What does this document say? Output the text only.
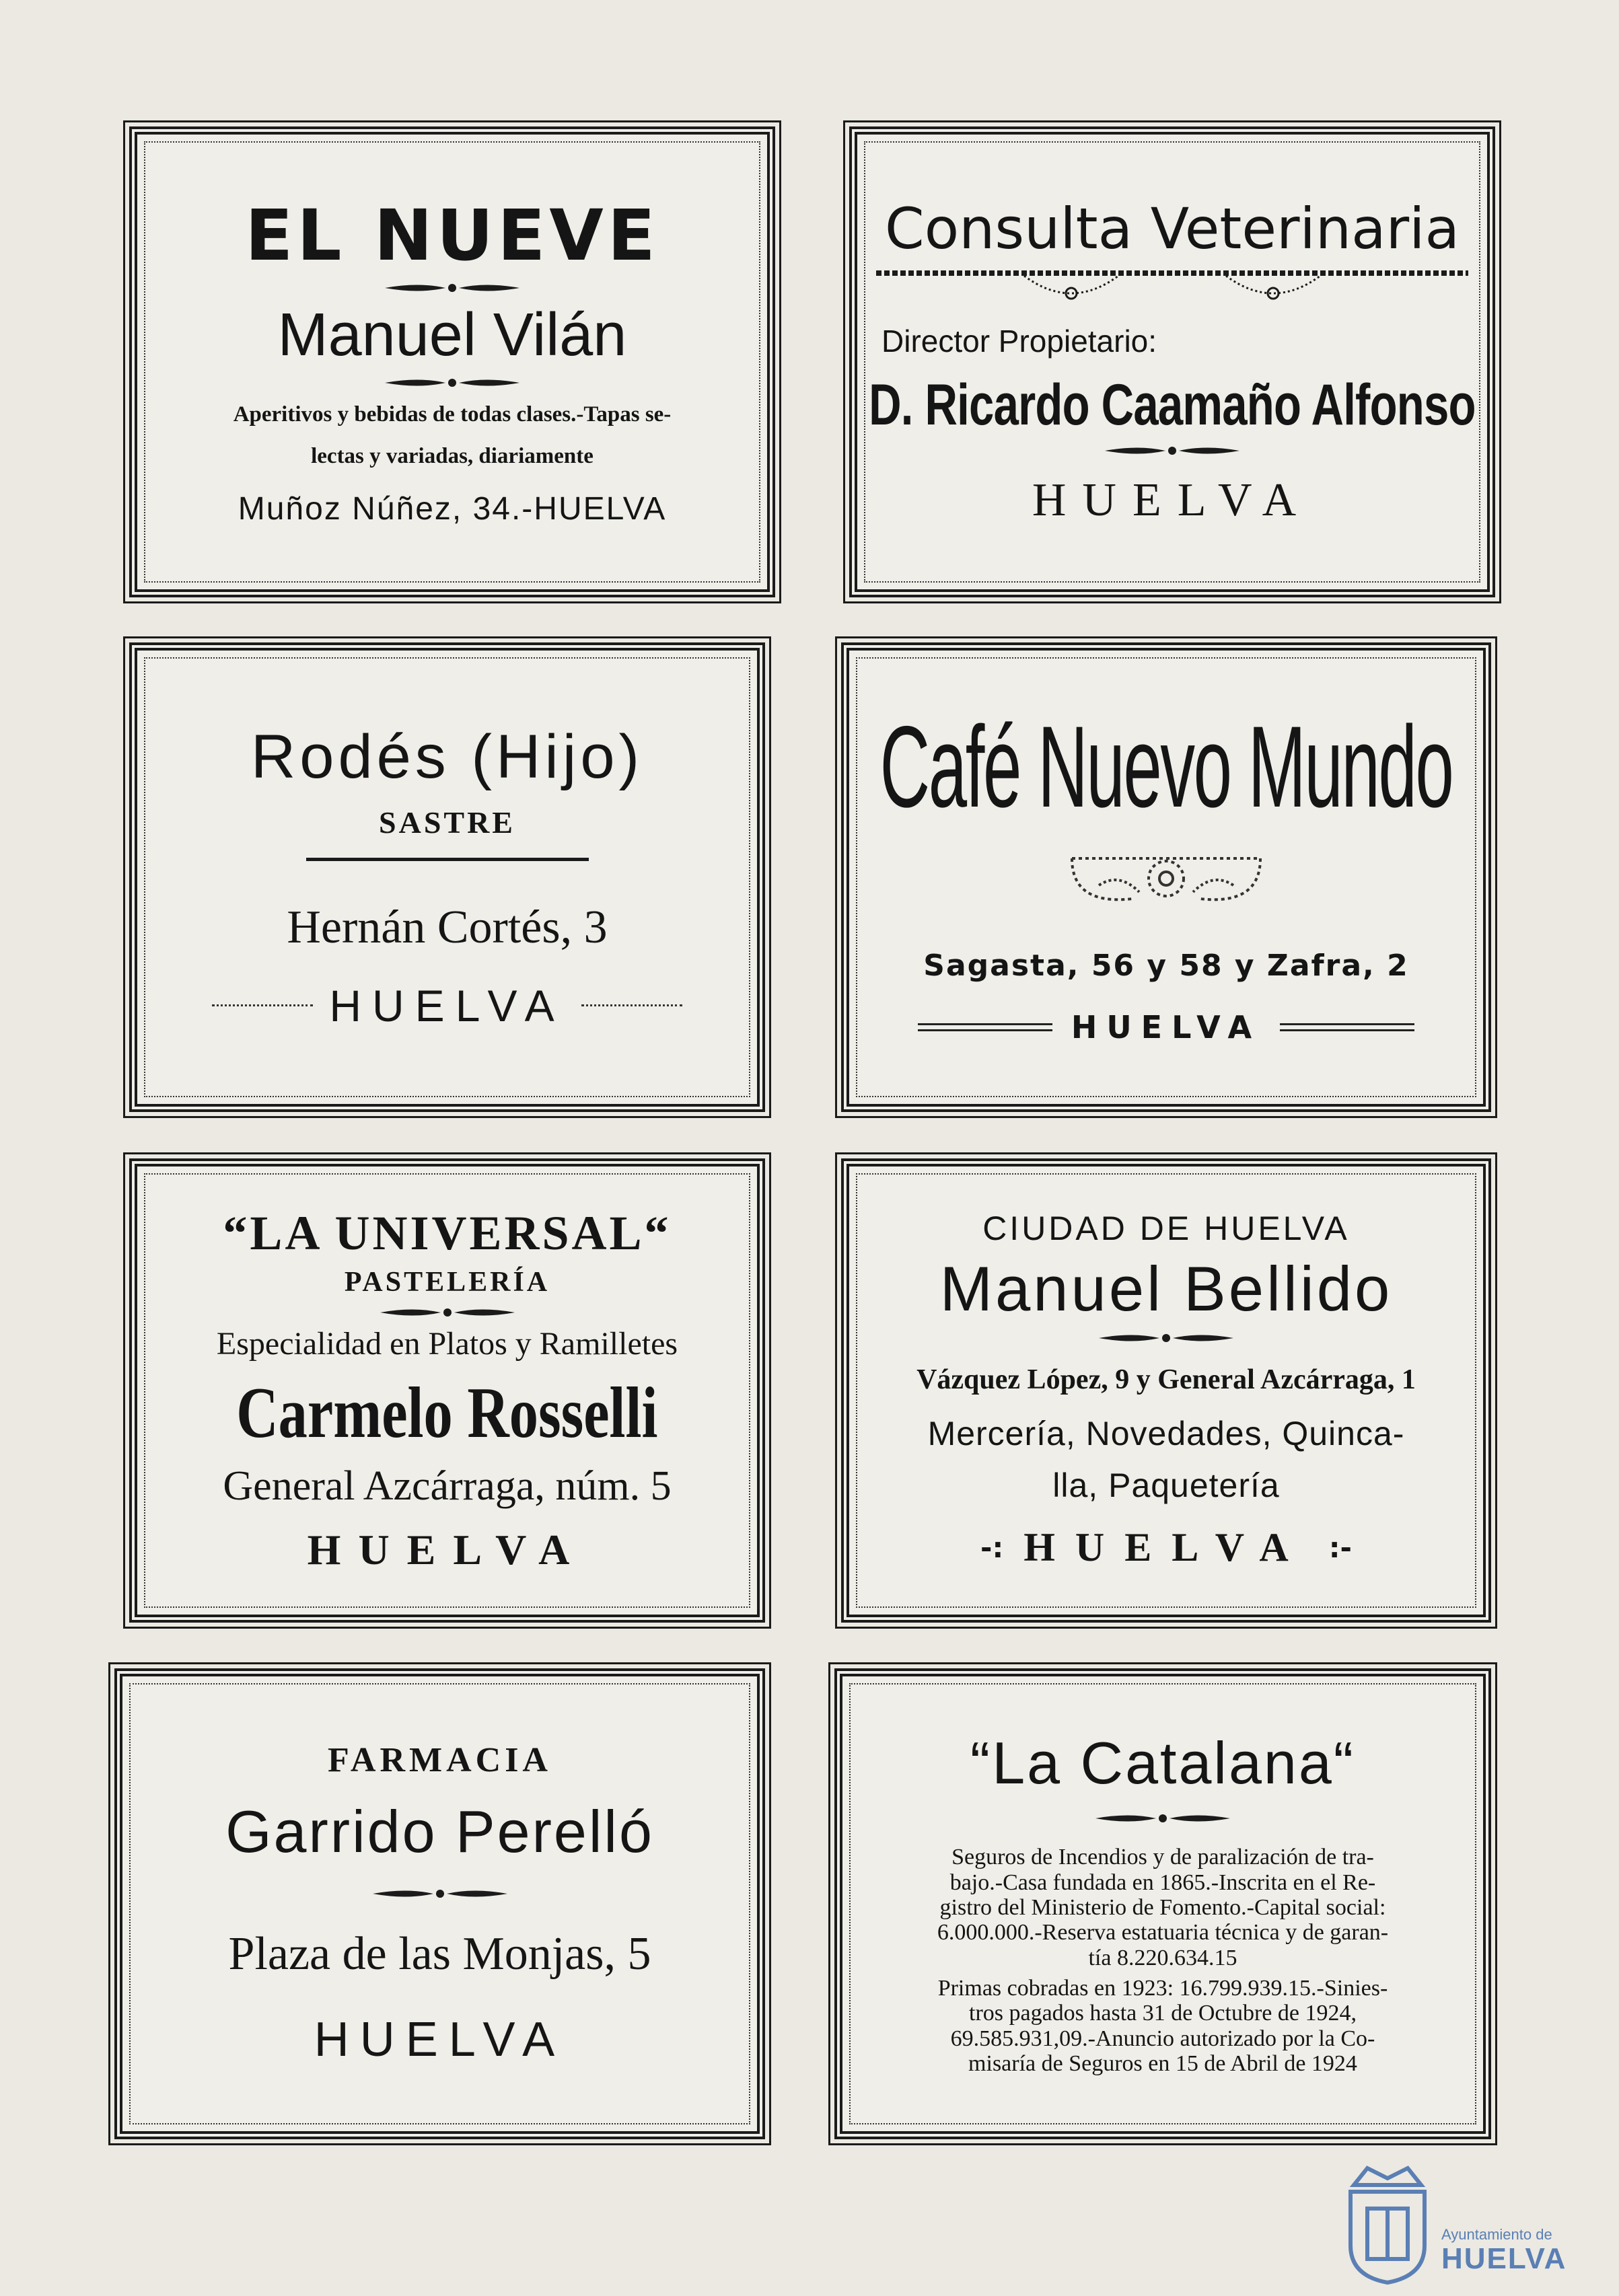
EL NUEVE
Manuel Vilán
Aperitivos y bebidas de todas clases.-Tapas se-
lectas y variadas, diariamente
Muñoz Núñez, 34.-HUELVA
Consulta Veterinaria
Director Propietario:
D. Ricardo Caamaño Alfonso
HUELVA
Rodés (Hijo)
SASTRE
Hernán Cortés, 3
HUELVA
Café Nuevo Mundo
Sagasta, 56 y 58 y Zafra, 2
HUELVA
“LA UNIVERSAL“
PASTELERÍA
Especialidad en Platos y Ramilletes
Carmelo Rosselli
General Azcárraga, núm. 5
HUELVA
CIUDAD DE HUELVA
Manuel Bellido
Vázquez López, 9 y General Azcárraga, 1
Mercería, Novedades, Quinca-
lla, Paquetería
-: HUELVA :-
FARMACIA
Garrido Perelló
Plaza de las Monjas, 5
HUELVA
“La Catalana“
Seguros de Incendios y de paralización de tra-
bajo.-Casa fundada en 1865.-Inscrita en el Re-
gistro del Ministerio de Fomento.-Capital social:
6.000.000.-Reserva estatuaria técnica y de garan-
tía 8.220.634.15
Primas cobradas en 1923: 16.799.939.15.-Sinies-
tros pagados hasta 31 de Octubre de 1924,
69.585.931,09.-Anuncio autorizado por la Co-
misaría de Seguros en 15 de Abril de 1924
Ayuntamiento de
HUELVA
